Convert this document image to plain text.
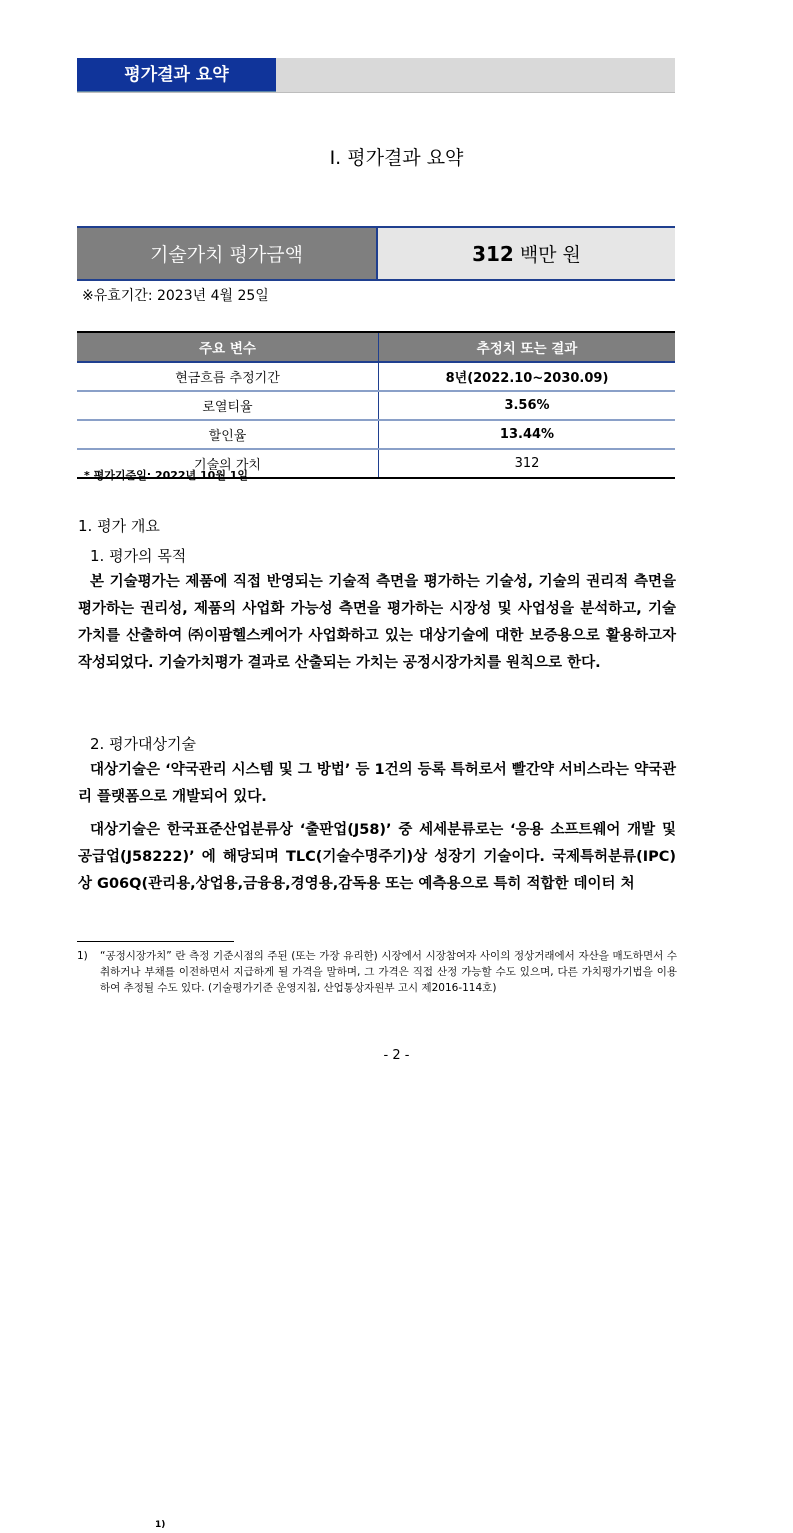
평가결과 요약
Ⅰ. 평가결과 요약
기술가치 평가금액	312 백만 원
※유효기간: 2023년 4월 25일
주요 변수	추정치 또는 결과
현금흐름 추정기간	8년(2022.10~2030.09)
로열티율	3.56%
할인율	13.44%
기술의 가치	312
* 평가기준일: 2022년 10월 1일.
1. 평가 개요
1. 평가의 목적
본 기술평가는 제품에 직접 반영되는 기술적 측면을 평가하는 기술성, 기술의 권리적 측면을 평가하는 권리성, 제품의 사업화 가능성 측면을 평가하는 시장성 및 사업성을 분석하고, 기술 가치를 산출하여 ㈜이팜헬스케어가 사업화하고 있는 대상기술에 대한 보증용으로 활용하고자 작성되었다. 기술가치평가 결과로 산출되는 가치는 공정시장가치
1)
를 원칙으로 한다.
2. 평가대상기술
대상기술은 ‘약국관리 시스템 및 그 방법’ 등 1건의 등록 특허로서 빨간약 서비스라는 약국관리 플랫폼으로 개발되어 있다.
대상기술은 한국표준산업분류상 ‘출판업(J58)’ 중 세세분류로는 ‘응용 소프트웨어 개발 및 공급업(J58222)’ 에 해당되며 TLC(기술수명주기)상 성장기 기술이다. 국제특허분류(IPC)상 G06Q(관리용,상업용,금융용,경영용,감독용 또는 예측용으로 특히 적합한 데이터 처
1)	“공정시장가치” 란 측정 기준시점의 주된 (또는 가장 유리한) 시장에서 시장참여자 사이의 정상거래에서 자산을 매도하면서 수취하거나 부채를 이전하면서 지급하게 될 가격을 말하며, 그 가격은 직접 산정 가능할 수도 있으며, 다른 가치평가기법을 이용하여 추정될 수도 있다. (기술평가기준 운영지침, 산업통상자원부 고시 제2016-114호)
- 2 -
